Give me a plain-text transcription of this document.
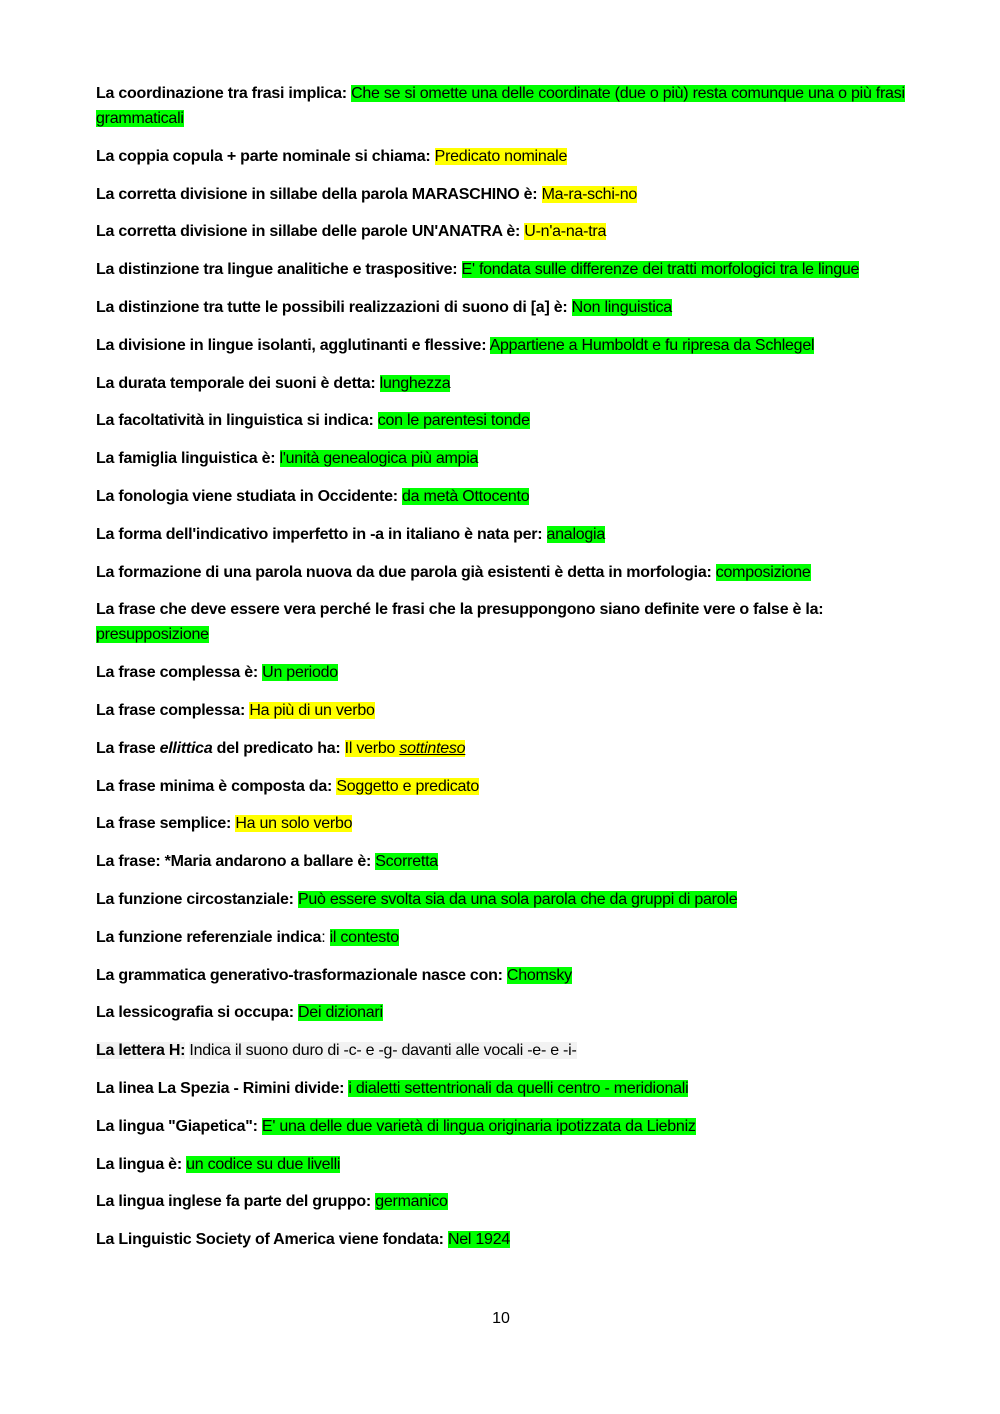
La coordinazione tra frasi implica: Che se si omette una delle coordinate (due o più) resta comunque una o più frasi grammaticali

La coppia copula + parte nominale si chiama: Predicato nominale

La corretta divisione in sillabe della parola MARASCHINO è: Ma-ra-schi-no

La corretta divisione in sillabe delle parole UN'ANATRA è: U-n'a-na-tra

La distinzione tra lingue analitiche e traspositive: E' fondata sulle differenze dei tratti morfologici tra le lingue

La distinzione tra tutte le possibili realizzazioni di suono di [a] è: Non linguistica

La divisione in lingue isolanti, agglutinanti e flessive: Appartiene a Humboldt e fu ripresa da Schlegel

La durata temporale dei suoni è detta: lunghezza

La facoltatività in linguistica si indica: con le parentesi tonde

La famiglia linguistica è: l'unità genealogica più ampia

La fonologia viene studiata in Occidente: da metà Ottocento

La forma dell'indicativo imperfetto in -a in italiano è nata per: analogia

La formazione di una parola nuova da due parola già esistenti è detta in morfologia: composizione

La frase che deve essere vera perché le frasi che la presuppongono siano definite vere o false è la: presupposizione

La frase complessa è: Un periodo

La frase complessa: Ha più di un verbo

La frase ellittica del predicato ha: Il verbo sottinteso

La frase minima è composta da: Soggetto e predicato

La frase semplice: Ha un solo verbo

La frase: *Maria andarono a ballare è: Scorretta

La funzione circostanziale: Può essere svolta sia da una sola parola che da gruppi di parole

La funzione referenziale indica: il contesto

La grammatica generativo-trasformazionale nasce con: Chomsky

La lessicografia si occupa: Dei dizionari

La lettera H: Indica il suono duro di -c- e -g- davanti alle vocali -e- e -i-

La linea La Spezia - Rimini divide: i dialetti settentrionali da quelli centro - meridionali

La lingua "Giapetica": E' una delle due varietà di lingua originaria ipotizzata da Liebniz

La lingua è: un codice su due livelli

La lingua inglese fa parte del gruppo: germanico

La Linguistic Society of America viene fondata: Nel 1924

10
